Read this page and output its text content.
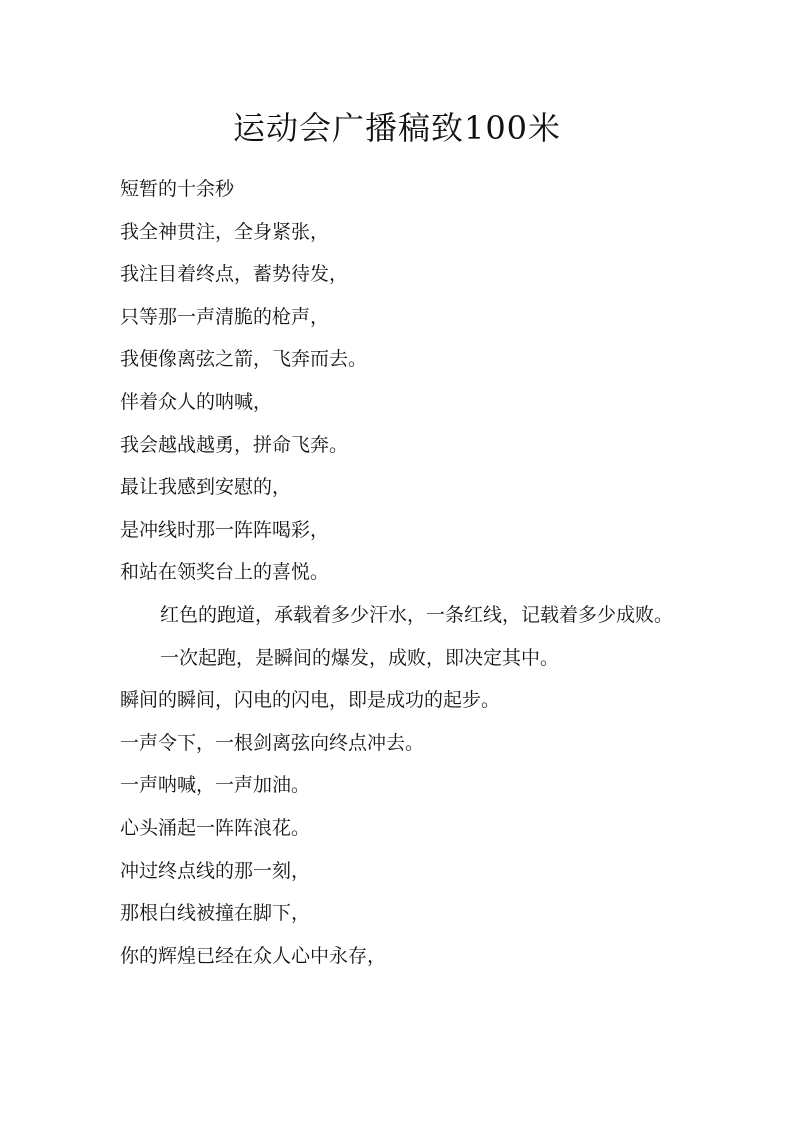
运动会广播稿致100米

短暂的十余秒

我全神贯注，全身紧张，

我注目着终点，蓄势待发，

只等那一声清脆的枪声，

我便像离弦之箭，飞奔而去。

伴着众人的呐喊，

我会越战越勇，拼命飞奔。

最让我感到安慰的，

是冲线时那一阵阵喝彩，

和站在领奖台上的喜悦。

红色的跑道，承载着多少汗水，一条红线，记载着多少成败。

一次起跑，是瞬间的爆发，成败，即决定其中。

瞬间的瞬间，闪电的闪电，即是成功的起步。

一声令下，一根剑离弦向终点冲去。

一声呐喊，一声加油。

心头涌起一阵阵浪花。

冲过终点线的那一刻，

那根白线被撞在脚下，

你的辉煌已经在众人心中永存，
